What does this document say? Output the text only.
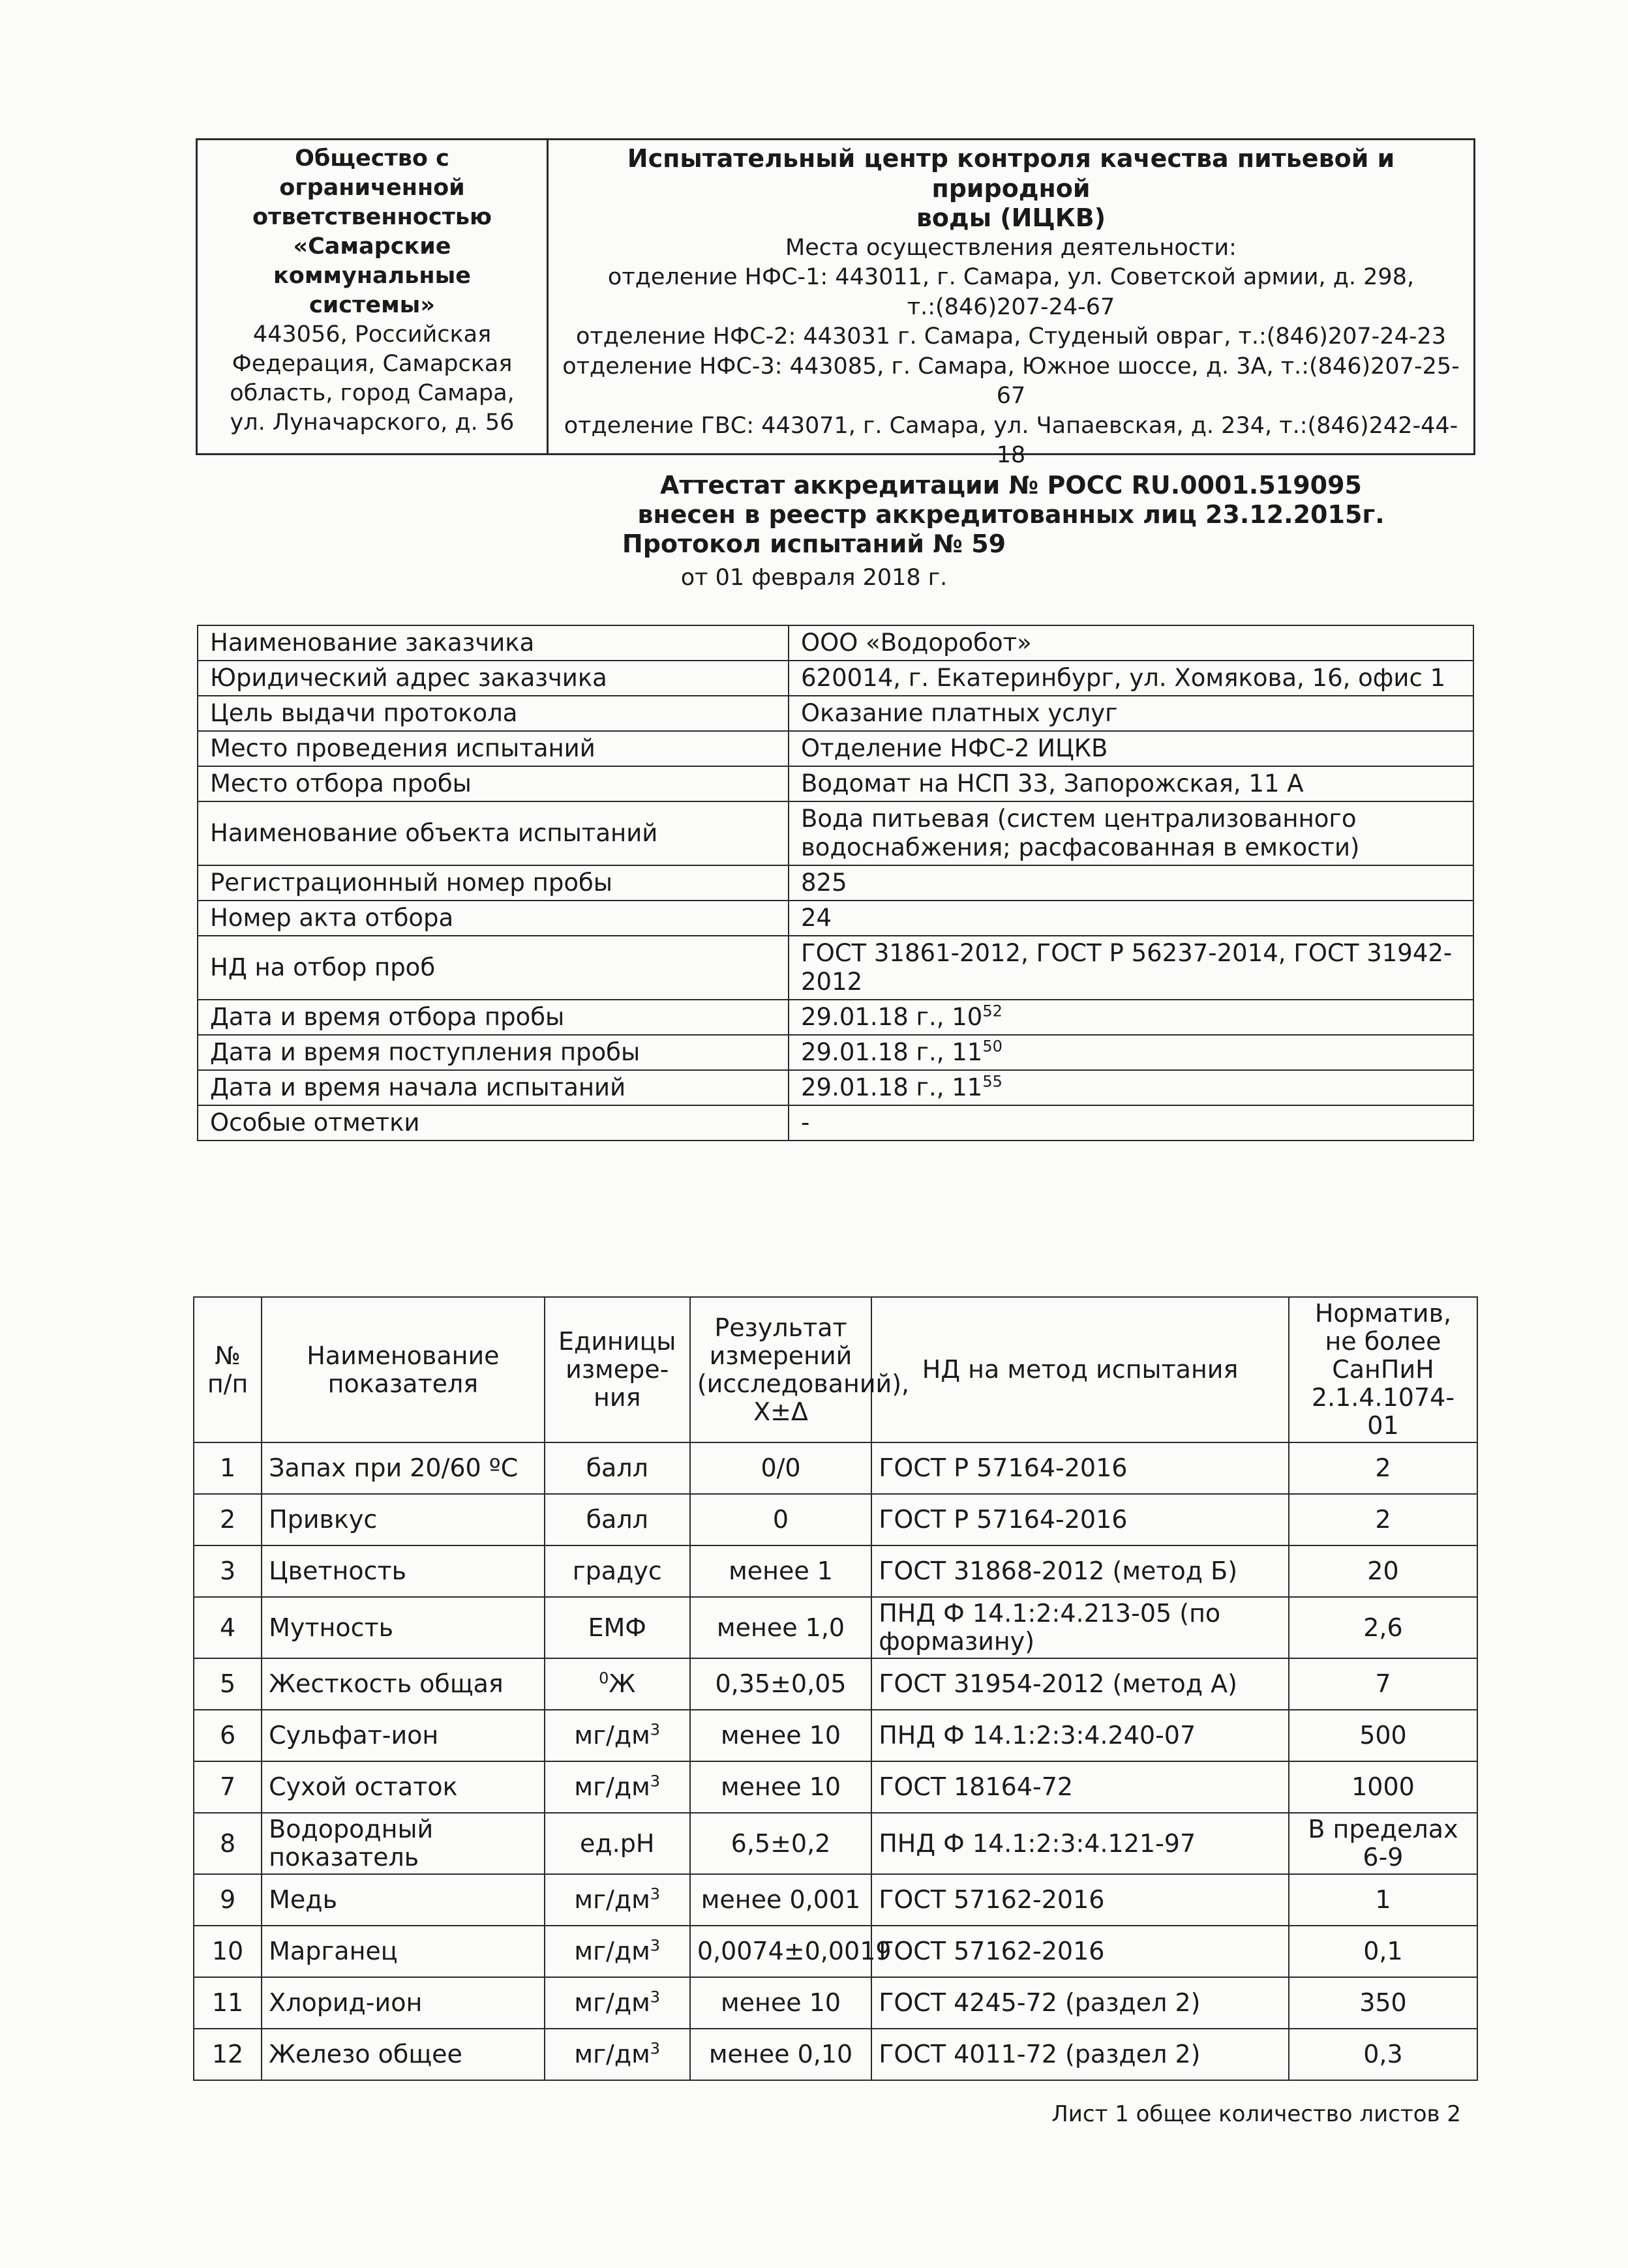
Общество с
ограниченной
ответственностью
«Самарские
коммунальные
системы»
443056, Российская
Федерация, Самарская
область, город Самара,
ул. Луначарского, д. 56
Испытательный центр контроля качества питьевой и природной
воды (ИЦКВ)
Места осуществления деятельности:
отделение НФС-1: 443011, г. Самара, ул. Советской армии, д. 298,
т.:(846)207-24-67
отделение НФС-2: 443031 г. Самара, Студеный овраг, т.:(846)207-24-23
отделение НФС-3: 443085, г. Самара, Южное шоссе, д. 3А, т.:(846)207-25-67
отделение ГВС: 443071, г. Самара, ул. Чапаевская, д. 234, т.:(846)242-44-18
Аттестат аккредитации № РОСС RU.0001.519095
внесен в реестр аккредитованных лиц 23.12.2015г.
Протокол испытаний № 59
от 01 февраля 2018 г.
Наименование заказчика	ООО «Водоробот»
Юридический адрес заказчика	620014, г. Екатеринбург, ул. Хомякова, 16, офис 1
Цель выдачи протокола	Оказание платных услуг
Место проведения испытаний	Отделение НФС-2 ИЦКВ
Место отбора пробы	Водомат на НСП 33, Запорожская, 11 А
Наименование объекта испытаний	Вода питьевая (систем централизованного водоснабжения; расфасованная в емкости)
Регистрационный номер пробы	825
Номер акта отбора	24
НД на отбор проб	ГОСТ 31861-2012, ГОСТ Р 56237-2014, ГОСТ 31942-2012
Дата и время отбора пробы	29.01.18 г., $10^{52}$
Дата и время поступления пробы	29.01.18 г., $11^{50}$
Дата и время начала испытаний	29.01.18 г., $11^{55}$
Особые отметки	-
№ п/п	Наименование показателя	Единицы измере-ния	Результат измерений (исследований), Х±Δ	НД на метод испытания	Норматив, не более СанПиН 2.1.4.1074-01
1	Запах при 20/60 ºС	балл	0/0	ГОСТ Р 57164-2016	2
2	Привкус	балл	0	ГОСТ Р 57164-2016	2
3	Цветность	градус	менее 1	ГОСТ 31868-2012 (метод Б)	20
4	Мутность	ЕМФ	менее 1,0	ПНД Ф 14.1:2:4.213-05 (по формазину)	2,6
5	Жесткость общая	$^0$Ж	0,35±0,05	ГОСТ 31954-2012 (метод А)	7
6	Сульфат-ион	$мг/дм^3$	менее 10	ПНД Ф 14.1:2:3:4.240-07	500
7	Сухой остаток	$мг/дм^3$	менее 10	ГОСТ 18164-72	1000
8	Водородный показатель	ед.рН	6,5±0,2	ПНД Ф 14.1:2:3:4.121-97	В пределах 6-9
9	Медь	$мг/дм^3$	менее 0,001	ГОСТ 57162-2016	1
10	Марганец	$мг/дм^3$	0,0074±0,0019	ГОСТ 57162-2016	0,1
11	Хлорид-ион	$мг/дм^3$	менее 10	ГОСТ 4245-72 (раздел 2)	350
12	Железо общее	$мг/дм^3$	менее 0,10	ГОСТ 4011-72 (раздел 2)	0,3
Лист 1 общее количество листов 2
